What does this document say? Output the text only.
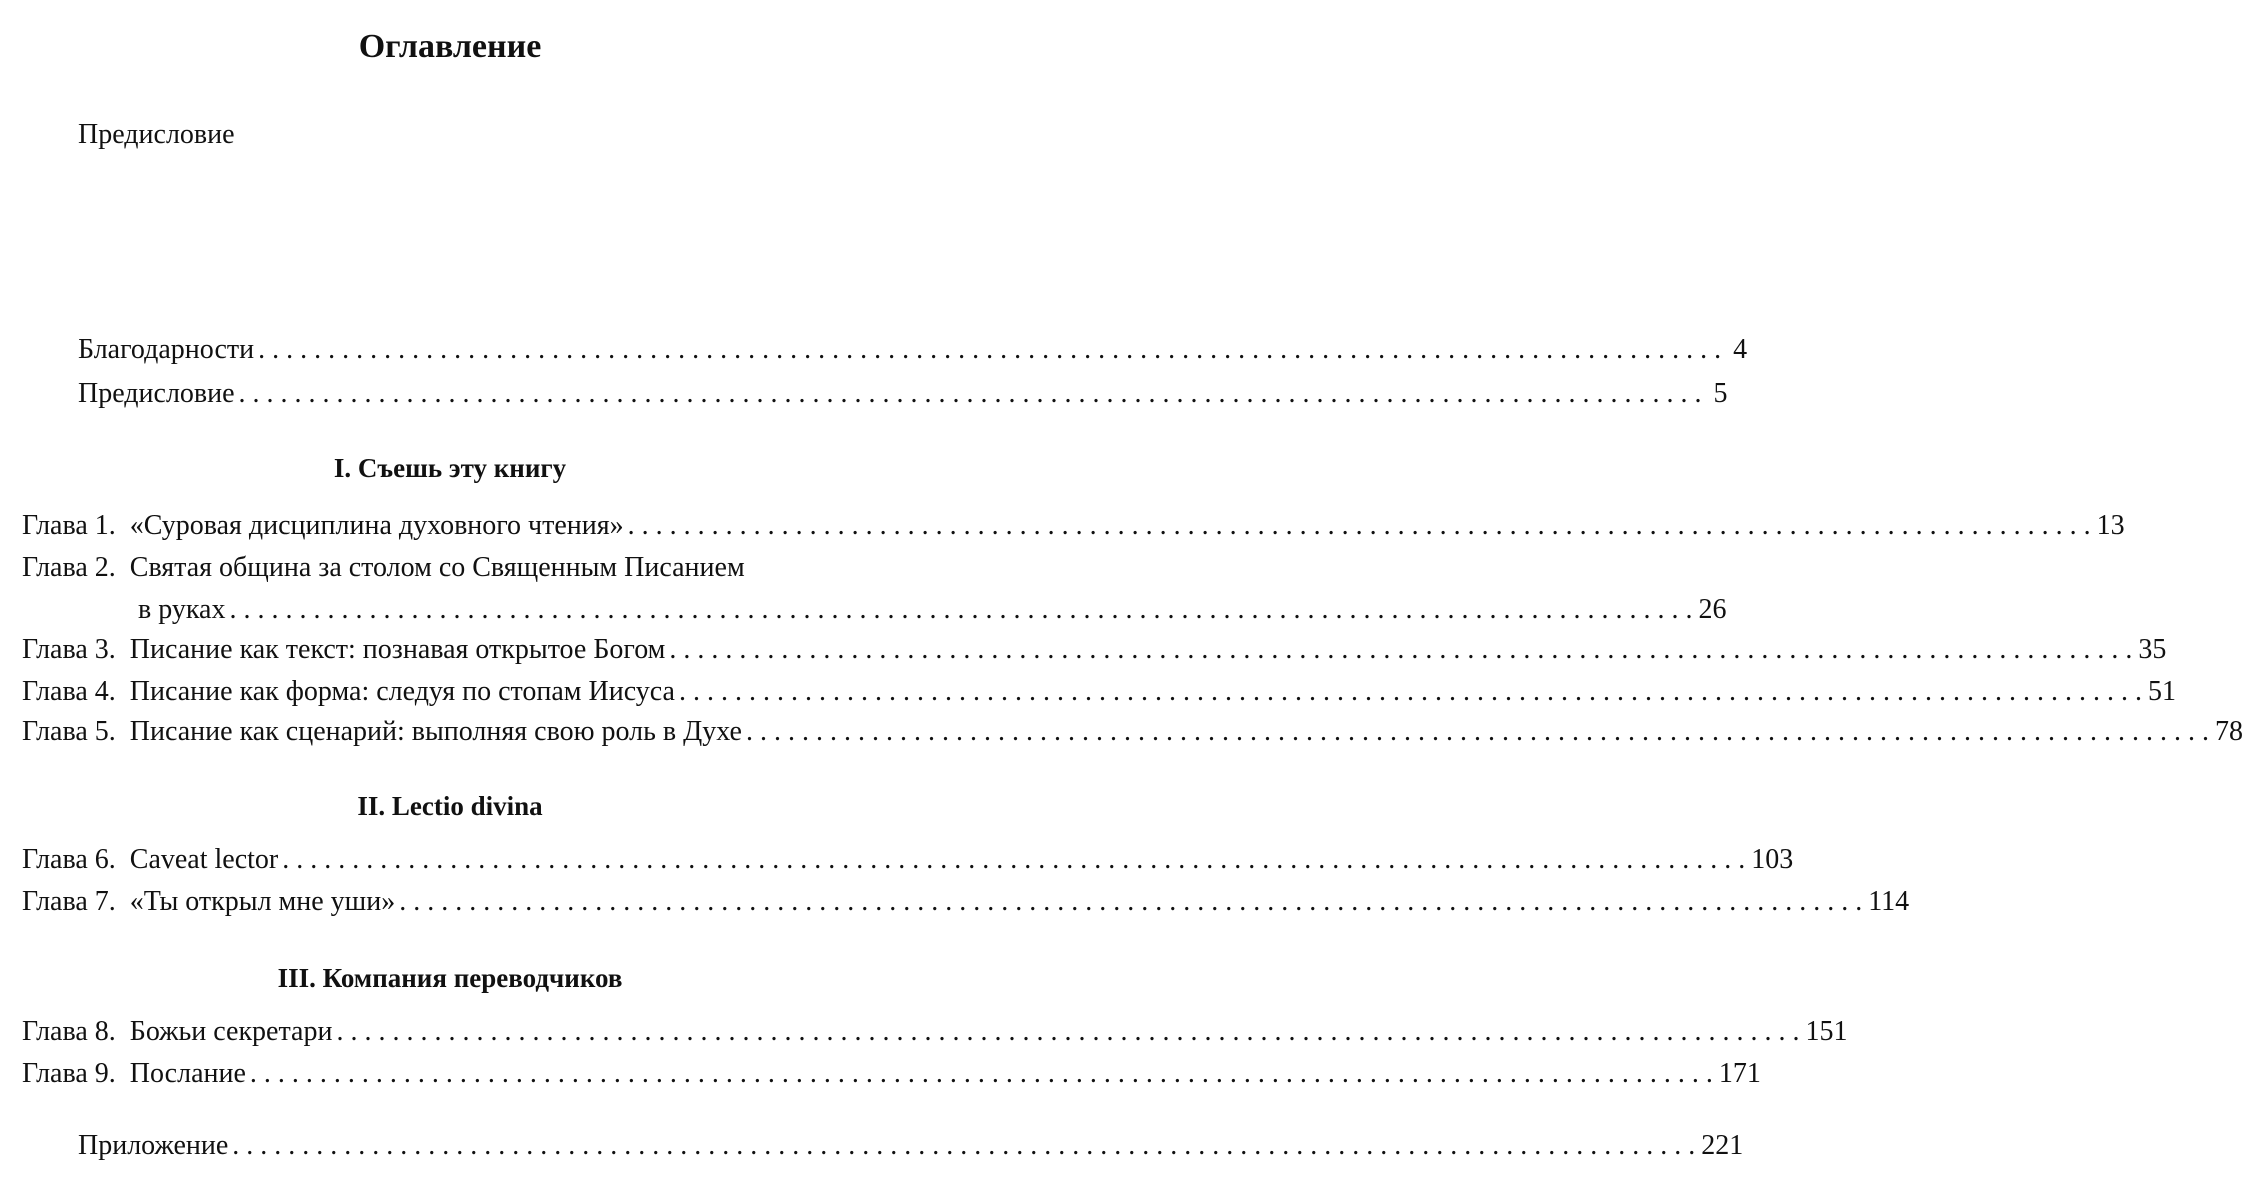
Оглавление
Предисловие
Благодарности . . .	4
Предисловие . . .	5
I. Съешь эту книгу
Глава 1. «Суровая дисциплина духовного чтения» . . .	13
Глава 2. Святая община за столом со Священным Писанием
в руках . . .	26
Глава 3. Писание как текст: познавая открытое Богом . . .	35
Глава 4. Писание как форма: следуя по стопам Иисуса . . .	51
Глава 5. Писание как сценарий: выполняя свою роль в Духе . . .	78
II. Lectio divina
Глава 6. Caveat lector . . .	103
Глава 7. «Ты открыл мне уши» . . .	114
III. Компания переводчиков
Глава 8. Божьи секретари . . .	151
Глава 9. Послание . . .	171
Приложение . . .	221
